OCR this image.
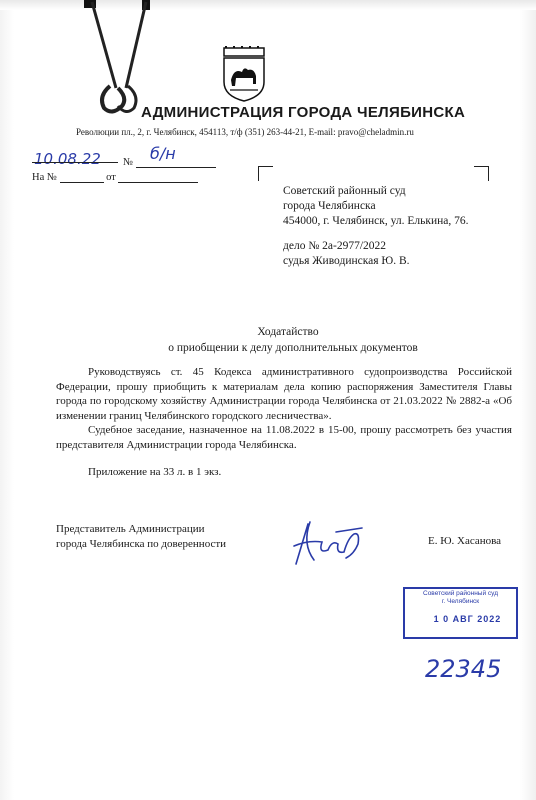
АДМИНИСТРАЦИЯ ГОРОДА ЧЕЛЯБИНСКА
Революции пл., 2, г. Челябинск, 454113, т/ф (351) 263-44-21, E-mail: pravo@cheladmin.ru
10.08.22 № б/н
На №	от
Советский районный суд
города Челябинска
454000, г. Челябинск, ул. Елькина, 76.
дело № 2а-2977/2022
судья Живодинская Ю. В.
Ходатайство
о приобщении к делу дополнительных документов

Руководствуясь ст. 45 Кодекса административного судопроизводства Российской Федерации, прошу приобщить к материалам дела копию распоряжения Заместителя Главы города по городскому хозяйству Администрации города Челябинска от 21.03.2022 № 2882-а «Об изменении границ Челябинского городского лесничества».

Судебное заседание, назначенное на 11.08.2022 в 15-00, прошу рассмотреть без участия представителя Администрации города Челябинска.

Приложение на 33 л. в 1 экз.
Представитель Администрации
города Челябинска по доверенности	Е. Ю. Хасанова
Советский районный суд
г. Челябинск
1 0 АВГ 2022
22345
